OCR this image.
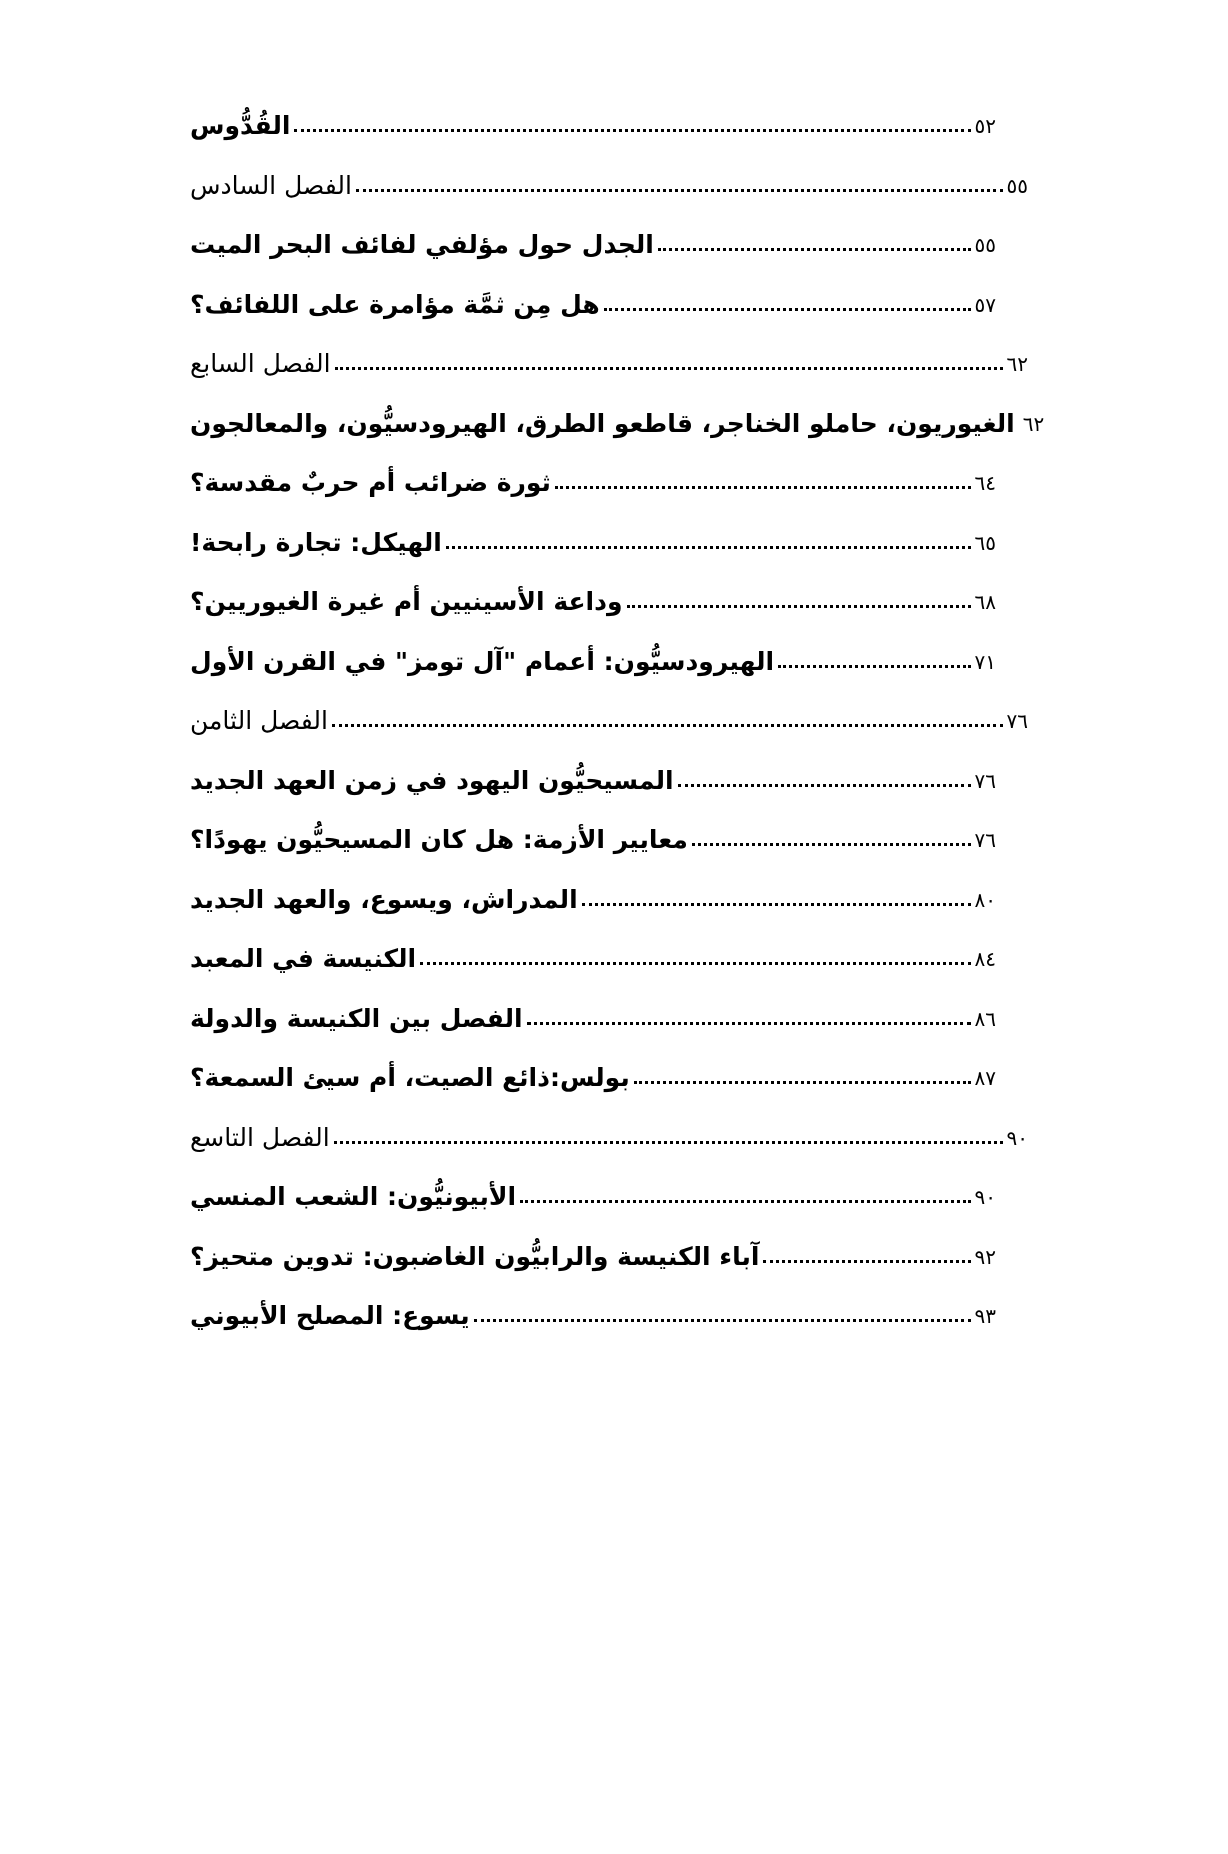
القُدُّوس	٥٢
الفصل السادس	٥٥
الجدل حول مؤلفي لفائف البحر الميت	٥٥
هل مِن ثمَّة مؤامرة على اللفائف؟	٥٧
الفصل السابع	٦٢
الغيوريون، حاملو الخناجر، قاطعو الطرق، الهيرودسيُّون، والمعالجون ٦٢
ثورة ضرائب أم حربٌ مقدسة؟	٦٤
الهيكل: تجارة رابحة!	٦٥
وداعة الأسينيين أم غيرة الغيوريين؟	٦٨
الهيرودسيُّون: أعمام "آل تومز" في القرن الأول	٧١
الفصل الثامن	٧٦
المسيحيُّون اليهود في زمن العهد الجديد	٧٦
معايير الأزمة: هل كان المسيحيُّون يهودًا؟	٧٦
المدراش، ويسوع، والعهد الجديد	٨٠
الكنيسة في المعبد	٨٤
الفصل بين الكنيسة والدولة	٨٦
بولس:ذائع الصيت، أم سيئ السمعة؟	٨٧
الفصل التاسع	٩٠
الأبيونيُّون: الشعب المنسي	٩٠
آباء الكنيسة والرابيُّون الغاضبون: تدوين متحيز؟	٩٢
يسوع: المصلح الأبيوني	٩٣
